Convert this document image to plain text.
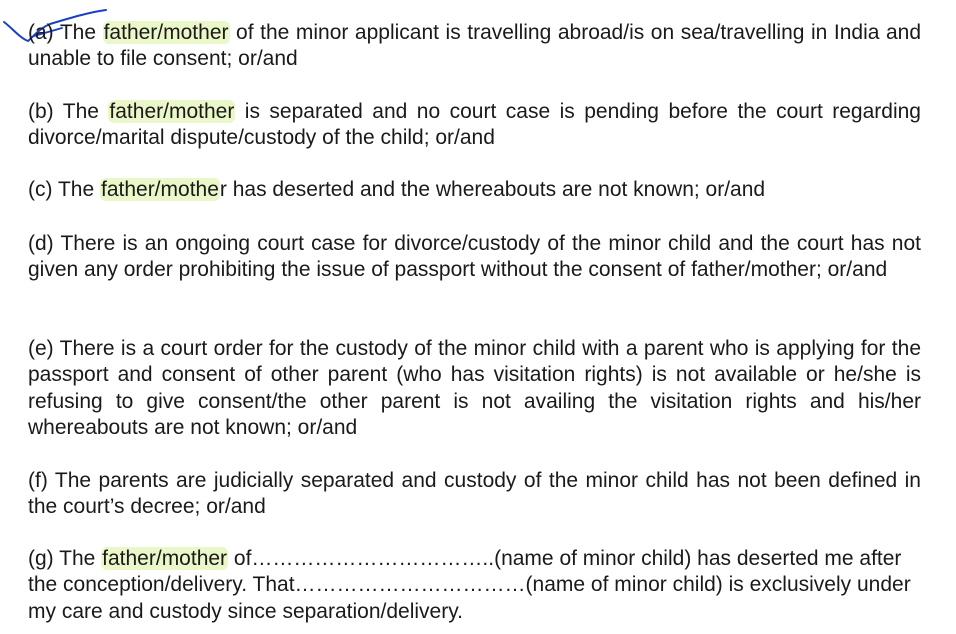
(a) The father/mother of the minor applicant is travelling abroad/is on sea/travelling in India and unable to file consent; or/and

(b) The father/mother is separated and no court case is pending before the court regarding divorce/marital dispute/custody of the child; or/and

(c) The father/mother has deserted and the whereabouts are not known; or/and

(d) There is an ongoing court case for divorce/custody of the minor child and the court has not given any order prohibiting the issue of passport without the consent of father/mother; or/and

(e) There is a court order for the custody of the minor child with a parent who is applying for the passport and consent of other parent (who has visitation rights) is not available or he/she is refusing to give consent/the other parent is not availing the visitation rights and his/her whereabouts are not known; or/and

(f) The parents are judicially separated and custody of the minor child has not been defined in the court’s decree; or/and

(g) The father/mother of……………………………..(name of minor child) has deserted me after the conception/delivery. That……………………………(name of minor child) is exclusively under my care and custody since separation/delivery.
